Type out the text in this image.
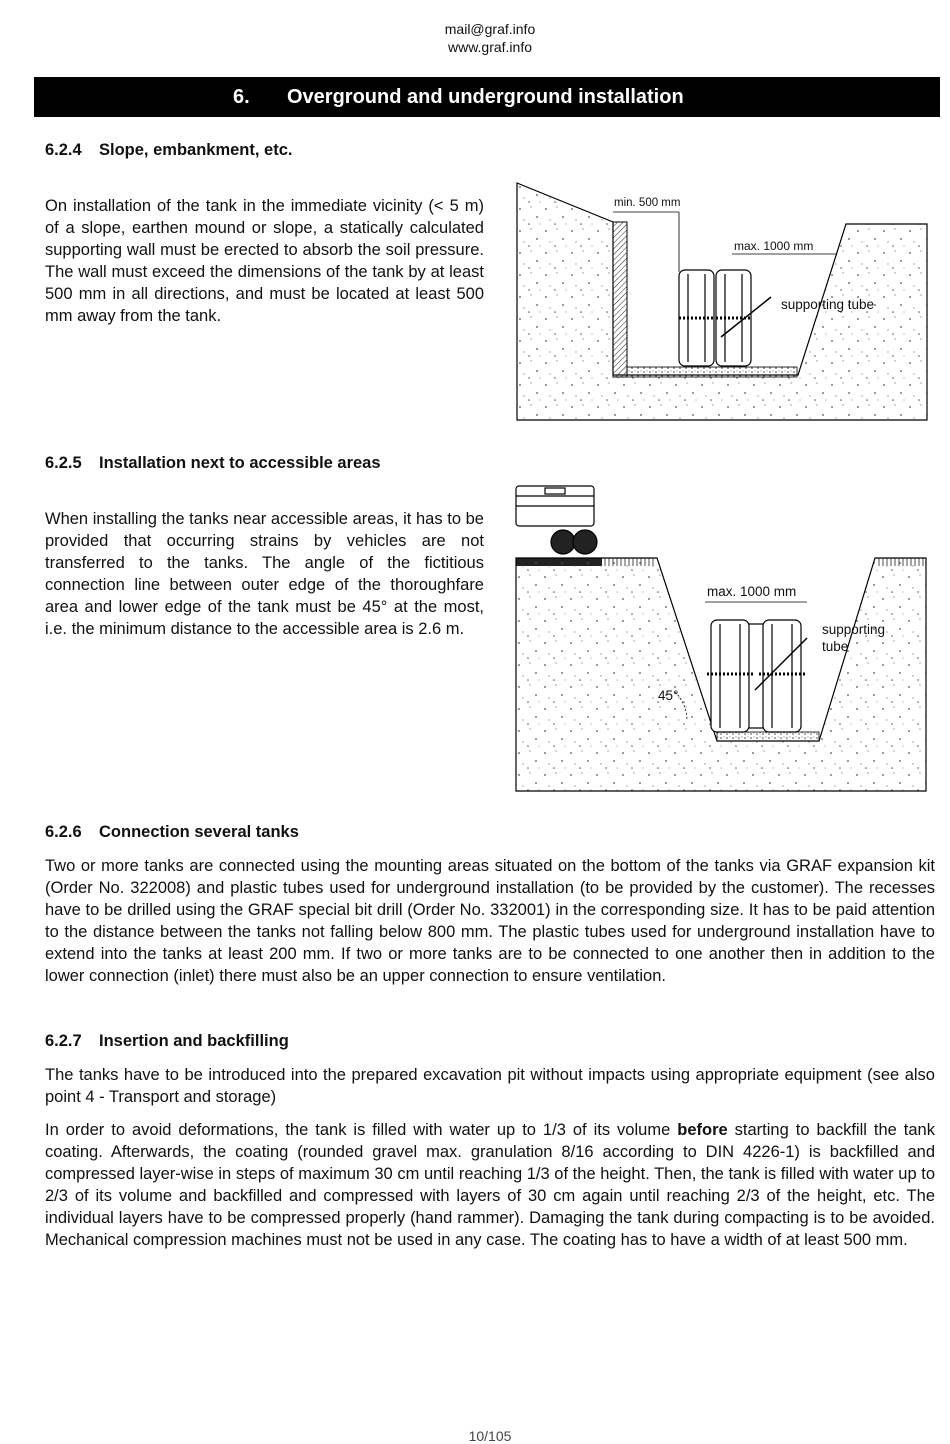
mail@graf.info
www.graf.info
6. Overground and underground installation
6.2.4 Slope, embankment, etc.

On installation of the tank in the immediate vicinity (< 5 m) of a slope, earthen mound or slope, a statically calculated supporting wall must be erected to absorb the soil pressure. The wall must exceed the dimensions of the tank by at least 500 mm in all directions, and must be located at least 500 mm away from the tank.

min. 500 mm
max. 1000 mm
supporting tube
6.2.5 Installation next to accessible areas

When installing the tanks near accessible areas, it has to be provided that occurring strains by vehicles are not transferred to the tanks. The angle of the fictitious connection line between outer edge of the thoroughfare area and lower edge of the tank must be 45° at the most, i.e. the minimum distance to the accessible area is 2.6 m.

max. 1000 mm
supporting
tube
45°
6.2.6 Connection several tanks

Two or more tanks are connected using the mounting areas situated on the bottom of the tanks via GRAF expansion kit (Order No. 322008) and plastic tubes used for underground installation (to be provided by the customer). The recesses have to be drilled using the GRAF special bit drill (Order No. 332001) in the corresponding size. It has to be paid attention to the distance between the tanks not falling below 800 mm. The plastic tubes used for underground installation have to extend into the tanks at least 200 mm. If two or more tanks are to be connected to one another then in addition to the lower connection (inlet) there must also be an upper connection to ensure ventilation.

6.2.7 Insertion and backfilling

The tanks have to be introduced into the prepared excavation pit without impacts using appropriate equipment (see also point 4 - Transport and storage)

In order to avoid deformations, the tank is filled with water up to 1/3 of its volume before starting to backfill the tank coating. Afterwards, the coating (rounded gravel max. granulation 8/16 according to DIN 4226-1) is backfilled and compressed layer-wise in steps of maximum 30 cm until reaching 1/3 of the height. Then, the tank is filled with water up to 2/3 of its volume and backfilled and compressed with layers of 30 cm again until reaching 2/3 of the height, etc. The individual layers have to be compressed properly (hand rammer). Damaging the tank during compacting is to be avoided. Mechanical compression machines must not be used in any case. The coating has to have a width of at least 500 mm.

10/105
